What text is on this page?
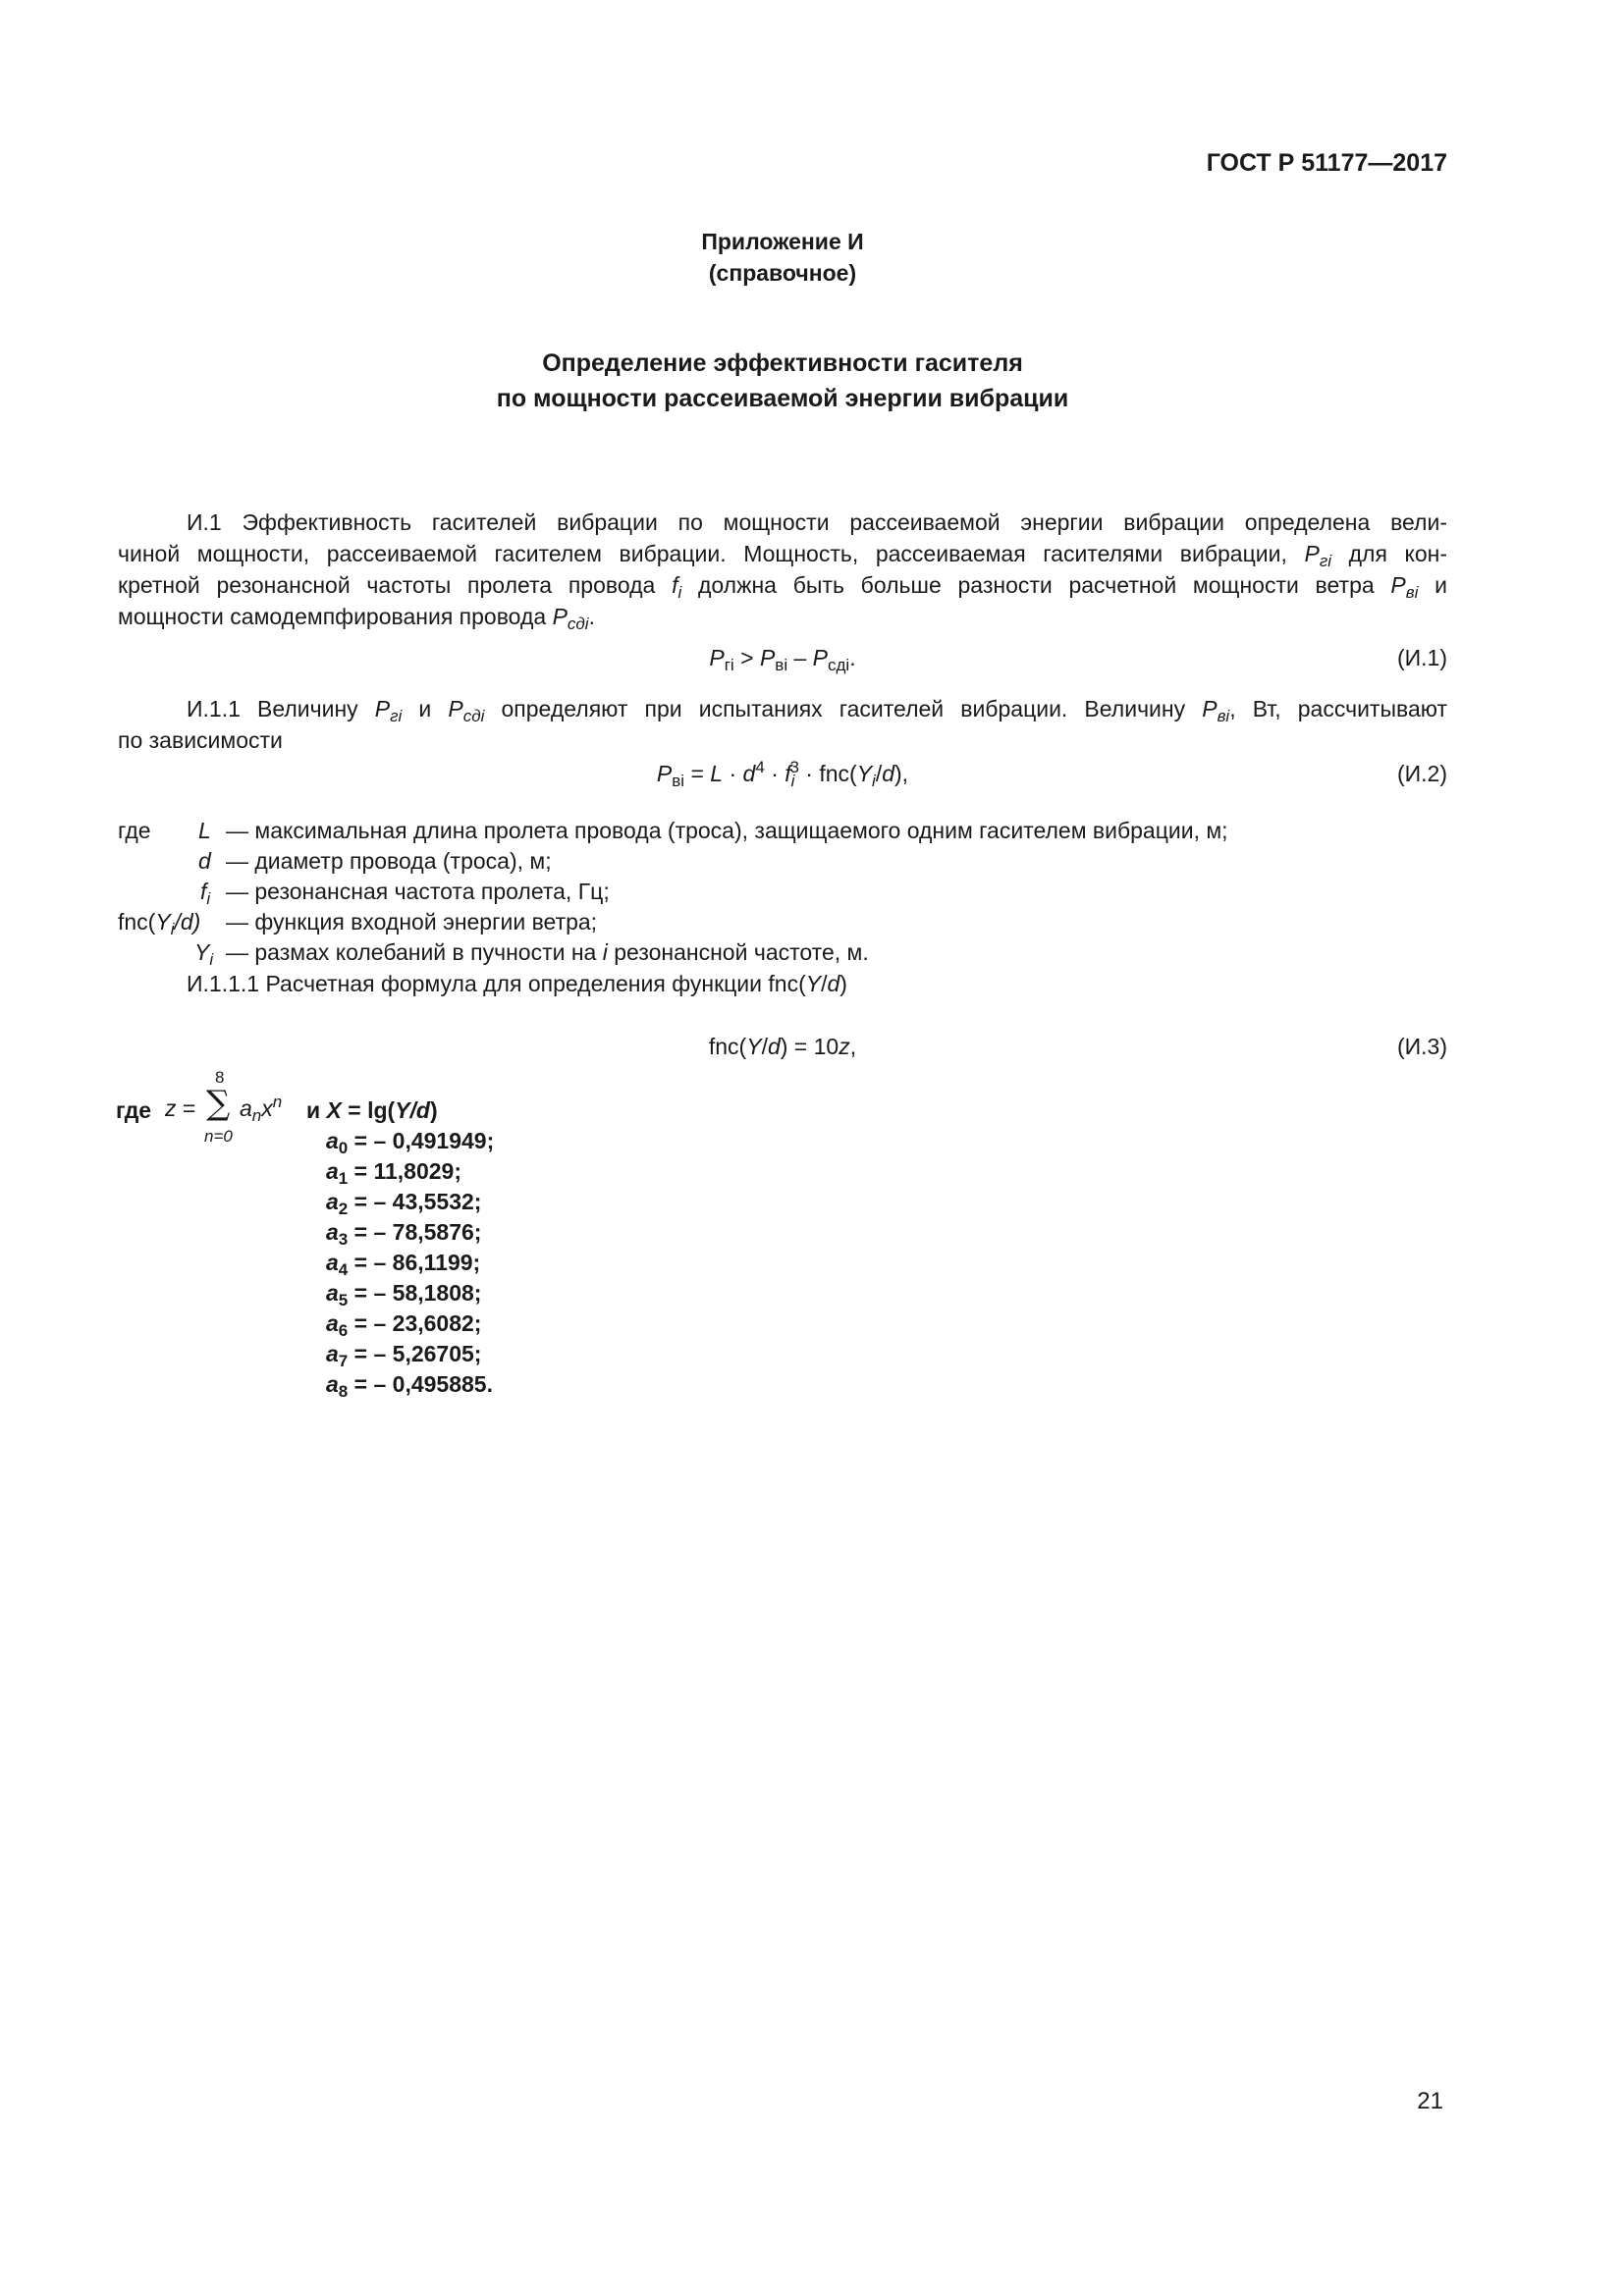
ГОСТ Р 51177—2017
Приложение И
(справочное)
Определение эффективности гасителя
по мощности рассеиваемой энергии вибрации
И.1 Эффективность гасителей вибрации по мощности рассеиваемой энергии вибрации определена вели-
чиной мощности, рассеиваемой гасителем вибрации. Мощность, рассеиваемая гасителями вибрации, $P_{гi}$ для кон-
кретной резонансной частоты пролета провода $f_i$ должна быть больше разности расчетной мощности ветра $P_{вi}$ и
мощности самодемпфирования провода $P_{сдi}$.
$P_{гi} > P_{вi} - P_{сдi}$.	(И.1)
И.1.1 Величину $P_{гi}$ и $P_{сдi}$ определяют при испытаниях гасителей вибрации. Величину $P_{вi}$, Вт, рассчитывают
по зависимости
$P_{вi} = L \cdot d^4 \cdot f_i^3 \cdot fnc(Y_i/d)$,	(И.2)
где L — максимальная длина пролета провода (троса), защищаемого одним гасителем вибрации, м;
d — диаметр провода (троса), м;
$f_i$ — резонансная частота пролета, Гц;
$fnc(Y_i/d)$ — функция входной энергии ветра;
$Y_i$ — размах колебаний в пучности на i резонансной частоте, м.
И.1.1.1 Расчетная формула для определения функции fnc(Y/d)
fnc(Y/d) = 10z,	(И.3)
где z =
8
∑
n=0
$a_nx^n$ и X = lg(Y/d)
$a_0$ = – 0,491949;
$a_1 = 11,8029$;
$a_2$ = – 43,5532;
$a_3$ = – 78,5876;
$a_4$ = – 86,1199;
$a_5$ = – 58,1808;
$a_6$ = – 23,6082;
$a_7$ = – 5,26705;
$a_8$ = – 0,495885.
21
